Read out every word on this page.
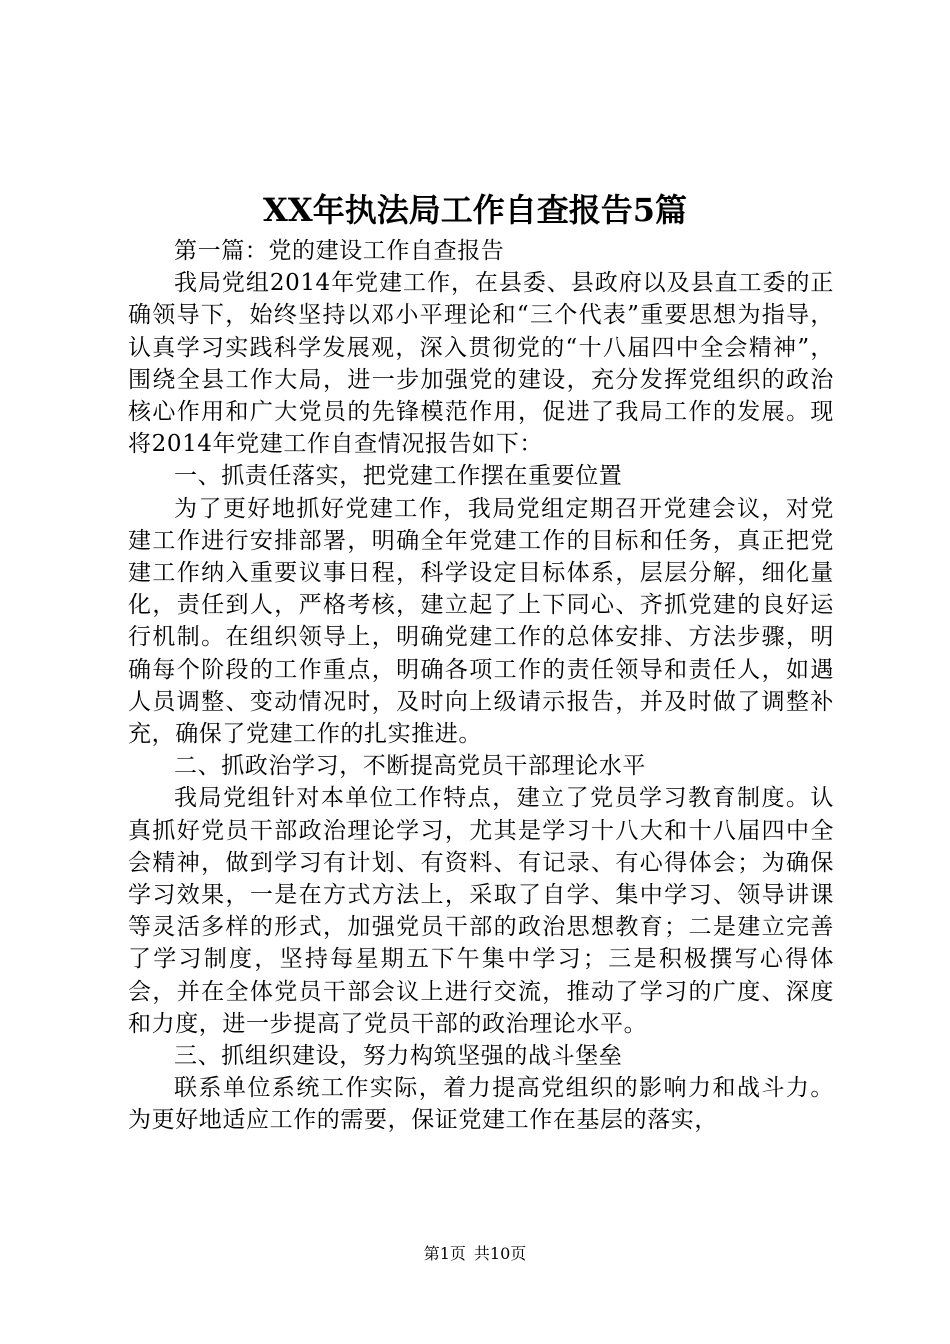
XX年执法局工作自查报告5篇

第一篇：党的建设工作自查报告

我局党组2014年党建工作，在县委、县政府以及县直工委的正确领导下，始终坚持以邓小平理论和“三个代表”重要思想为指导，认真学习实践科学发展观，深入贯彻党的“十八届四中全会精神”，围绕全县工作大局，进一步加强党的建设，充分发挥党组织的政治核心作用和广大党员的先锋模范作用，促进了我局工作的发展。现将2014年党建工作自查情况报告如下：

一、抓责任落实，把党建工作摆在重要位置

为了更好地抓好党建工作，我局党组定期召开党建会议，对党建工作进行安排部署，明确全年党建工作的目标和任务，真正把党建工作纳入重要议事日程，科学设定目标体系，层层分解，细化量化，责任到人，严格考核，建立起了上下同心、齐抓党建的良好运行机制。在组织领导上，明确党建工作的总体安排、方法步骤，明确每个阶段的工作重点，明确各项工作的责任领导和责任人，如遇人员调整、变动情况时，及时向上级请示报告，并及时做了调整补充，确保了党建工作的扎实推进。

二、抓政治学习，不断提高党员干部理论水平

我局党组针对本单位工作特点，建立了党员学习教育制度。认真抓好党员干部政治理论学习，尤其是学习十八大和十八届四中全会精神，做到学习有计划、有资料、有记录、有心得体会；为确保学习效果，一是在方式方法上，采取了自学、集中学习、领导讲课等灵活多样的形式，加强党员干部的政治思想教育；二是建立完善了学习制度，坚持每星期五下午集中学习；三是积极撰写心得体会，并在全体党员干部会议上进行交流，推动了学习的广度、深度和力度，进一步提高了党员干部的政治理论水平。

三、抓组织建设，努力构筑坚强的战斗堡垒

联系单位系统工作实际，着力提高党组织的影响力和战斗力。为更好地适应工作的需要，保证党建工作在基层的落实，

第1页 共10页
